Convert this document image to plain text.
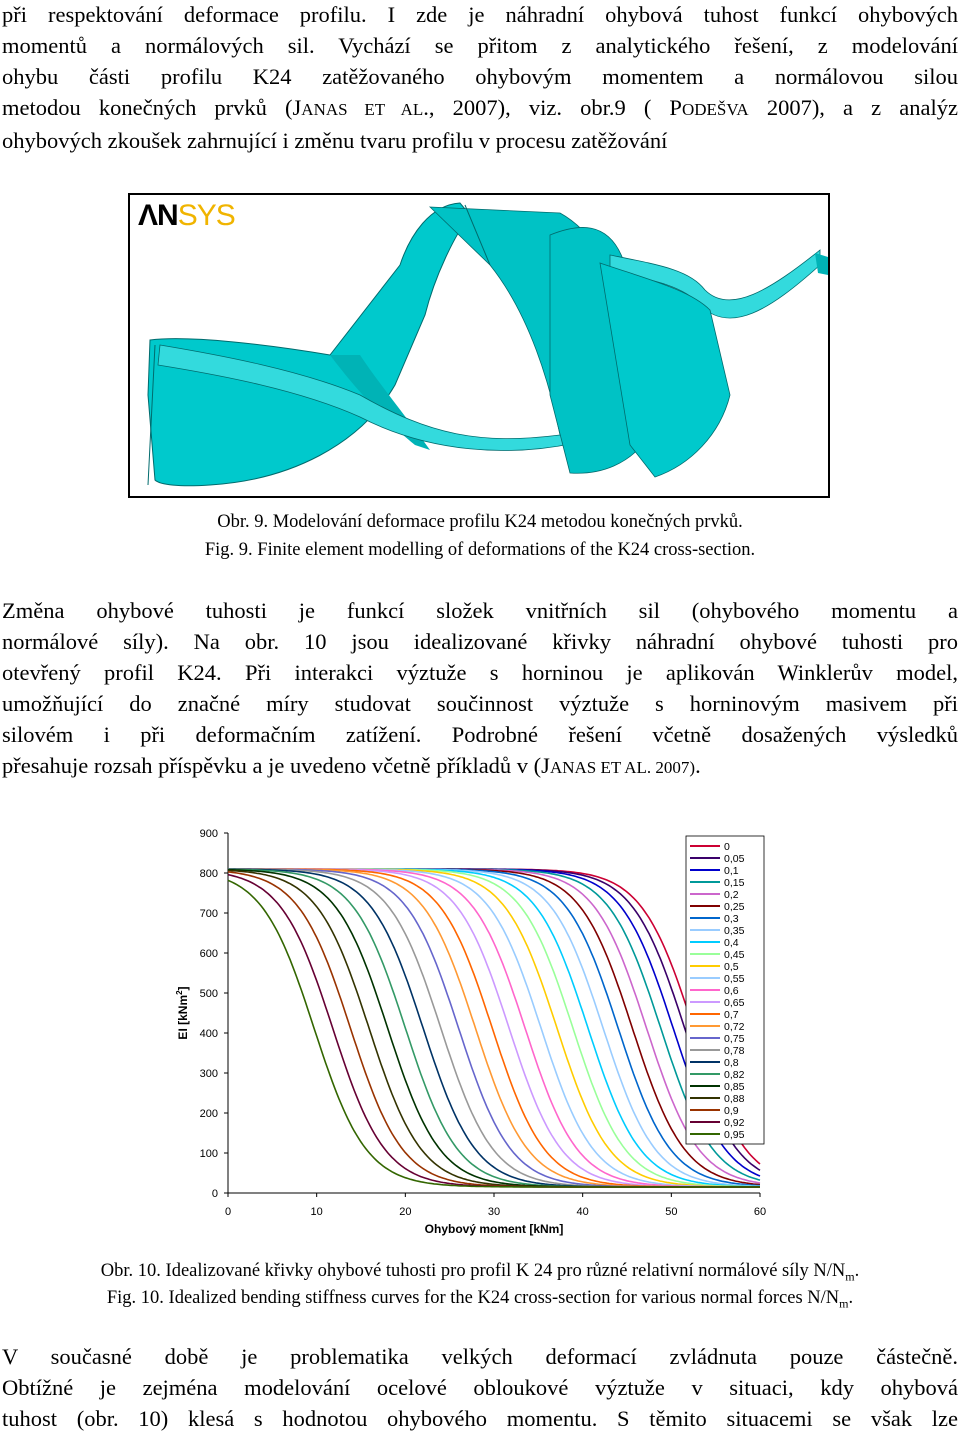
při respektování deformace profilu. I zde je náhradní ohybová tuhost funkcí ohybových
momentů a normálových sil. Vychází se přitom z analytického řešení, z modelování
ohybu části profilu K24 zatěžovaného ohybovým momentem a normálovou silou
metodou konečných prvků (JANAS ET AL., 2007), viz. obr.9 ( PODEŠVA 2007), a z analýz
ohybových zkoušek zahrnující i změnu tvaru profilu v procesu zatěžování
ΛNSYS
Obr. 9. Modelování deformace profilu K24 metodou konečných prvků.
Fig. 9. Finite element modelling of deformations of the K24 cross-section.
Změna ohybové tuhosti je funkcí složek vnitřních sil (ohybového momentu a
normálové síly). Na obr. 10 jsou idealizované křivky náhradní ohybové tuhosti pro
otevřený profil K24. Při interakci výztuže s horninou je aplikován Winklerův model,
umožňující do značné míry studovat součinnost výztuže s horninovým masivem při
silovém i při deformačním zatížení. Podrobné řešení včetně dosažených výsledků
přesahuje rozsah příspěvku a je uvedeno včetně příkladů v (JANAS ET AL. 2007).
0
100
200
300
400
500
600
700
800
900
0	10	20	30	40	50	60
Ohybový moment [kNm]
EI [kNm$^2$]
0
0,05
0,1
0,15
0,2
0,25
0,3
0,35
0,4
0,45
0,5
0,55
0,6
0,65
0,7
0,72
0,75
0,78
0,8
0,82
0,85
0,88
0,9
0,92
0,95
Obr. 10. Idealizované křivky ohybové tuhosti pro profil K 24 pro různé relativní normálové síly $N/N_m$.
Fig. 10. Idealized bending stiffness curves for the K24 cross-section for various normal forces $N/N_m$.
V současné době je problematika velkých deformací zvládnuta pouze částečně.
Obtížné je zejména modelování ocelové obloukové výztuže v situaci, kdy ohybová
tuhost (obr. 10) klesá s hodnotou ohybového momentu. S těmito situacemi se však lze
